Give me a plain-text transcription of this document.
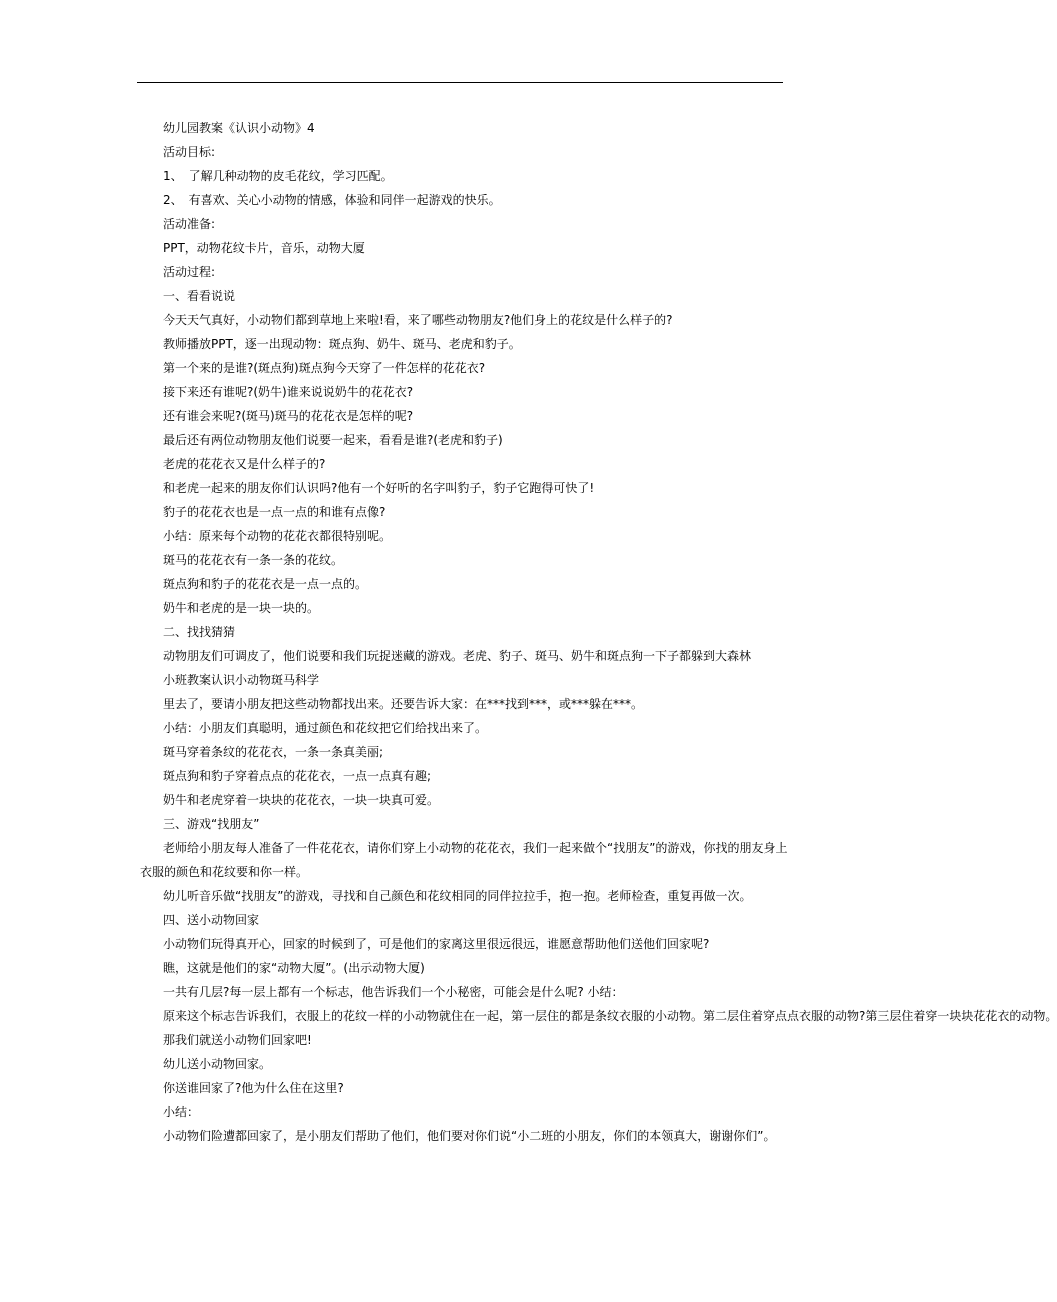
幼儿园教案《认识小动物》4
活动目标:
1、　了解几种动物的皮毛花纹，学习匹配。
2、　有喜欢、关心小动物的情感，体验和同伴一起游戏的快乐。
活动准备:
PPT，动物花纹卡片，音乐，动物大厦
活动过程:
一、看看说说
今天天气真好，小动物们都到草地上来啦!看，来了哪些动物朋友?他们身上的花纹是什么样子的?
教师播放PPT，逐一出现动物：斑点狗、奶牛、斑马、老虎和豹子。
第一个来的是谁?(斑点狗)斑点狗今天穿了一件怎样的花花衣?
接下来还有谁呢?(奶牛)谁来说说奶牛的花花衣?
还有谁会来呢?(斑马)斑马的花花衣是怎样的呢?
最后还有两位动物朋友他们说要一起来，看看是谁?(老虎和豹子)
老虎的花花衣又是什么样子的?
和老虎一起来的朋友你们认识吗?他有一个好听的名字叫豹子，豹子它跑得可快了!
豹子的花花衣也是一点一点的和谁有点像?
小结：原来每个动物的花花衣都很特别呢。
斑马的花花衣有一条一条的花纹。
斑点狗和豹子的花花衣是一点一点的。
奶牛和老虎的是一块一块的。
二、找找猜猜
动物朋友们可调皮了，他们说要和我们玩捉迷藏的游戏。老虎、豹子、斑马、奶牛和斑点狗一下子都躲到大森林
小班教案认识小动物斑马科学
里去了，要请小朋友把这些动物都找出来。还要告诉大家：在***找到***，或***躲在***。
小结：小朋友们真聪明，通过颜色和花纹把它们给找出来了。
斑马穿着条纹的花花衣，一条一条真美丽;
斑点狗和豹子穿着点点的花花衣，一点一点真有趣;
奶牛和老虎穿着一块块的花花衣，一块一块真可爱。
三、游戏“找朋友”
老师给小朋友每人准备了一件花花衣，请你们穿上小动物的花花衣，我们一起来做个“找朋友”的游戏，你找的朋友身上衣服的颜色和花纹要和你一样。
幼儿听音乐做“找朋友”的游戏，寻找和自己颜色和花纹相同的同伴拉拉手，抱一抱。老师检查，重复再做一次。
四、送小动物回家
小动物们玩得真开心，回家的时候到了，可是他们的家离这里很远很远，谁愿意帮助他们送他们回家呢?
瞧，这就是他们的家“动物大厦”。(出示动物大厦)
一共有几层?每一层上都有一个标志，他告诉我们一个小秘密，可能会是什么呢? 小结：
原来这个标志告诉我们，衣服上的花纹一样的小动物就住在一起，第一层住的都是条纹衣服的小动物。第二层住着穿点点衣服的动物?第三层住着穿一块块花花衣的动物。
那我们就送小动物们回家吧!
幼儿送小动物回家。
你送谁回家了?他为什么住在这里?
小结：
小动物们险遭都回家了，是小朋友们帮助了他们，他们要对你们说“小二班的小朋友，你们的本领真大，谢谢你们”。
